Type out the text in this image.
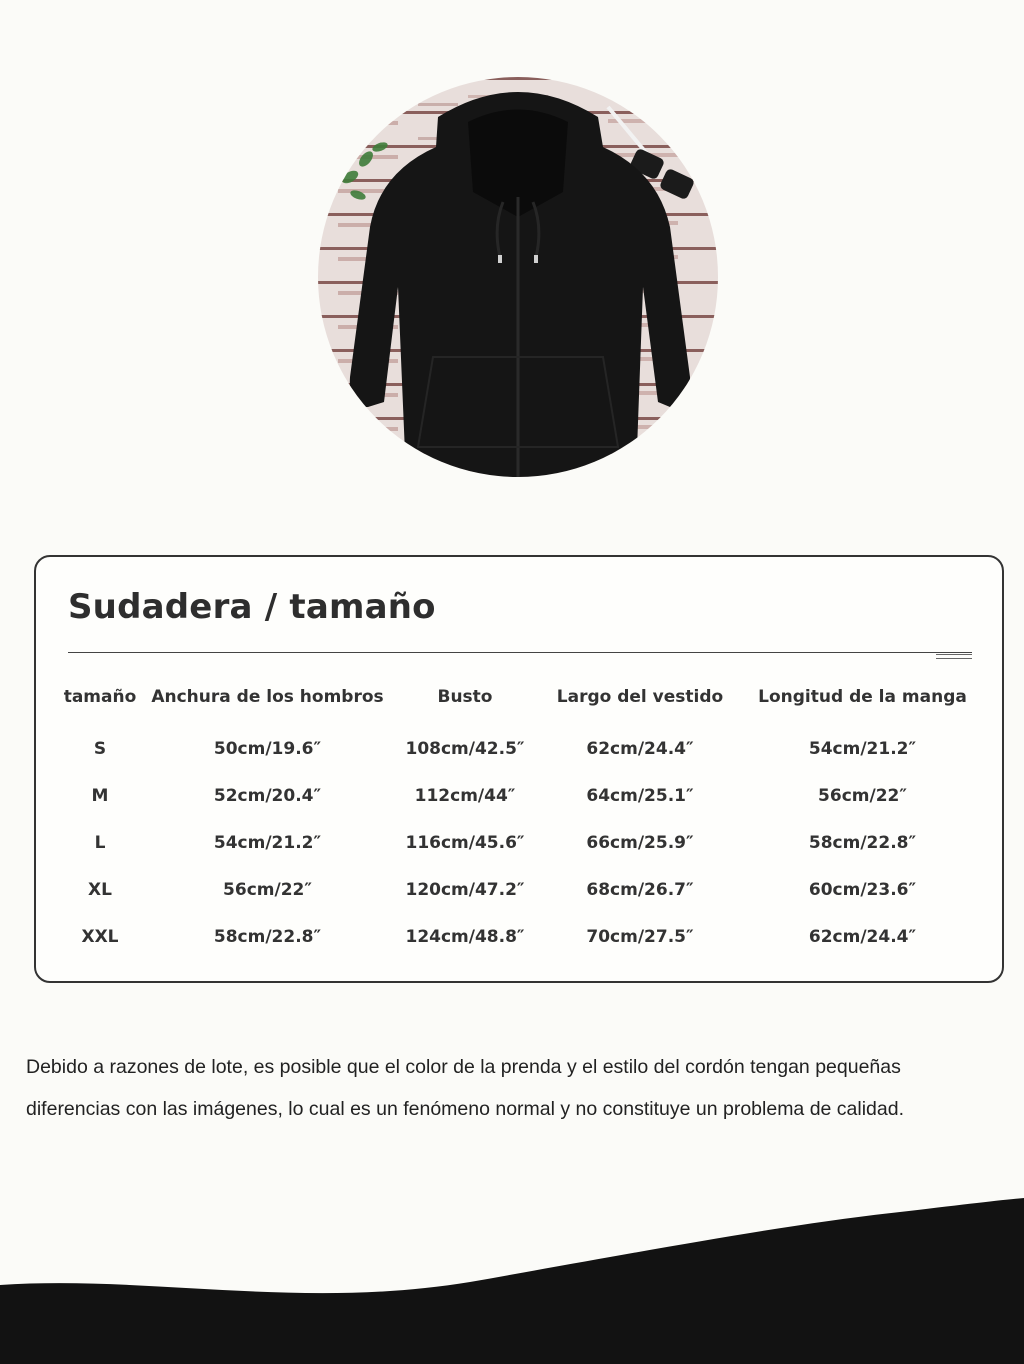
Sudadera / tamaño
tamaño	Anchura de los hombros	Busto	Largo del vestido	Longitud de la manga
S	50cm/19.6″	108cm/42.5″	62cm/24.4″	54cm/21.2″
M	52cm/20.4″	112cm/44″	64cm/25.1″	56cm/22″
L	54cm/21.2″	116cm/45.6″	66cm/25.9″	58cm/22.8″
XL	56cm/22″	120cm/47.2″	68cm/26.7″	60cm/23.6″
XXL	58cm/22.8″	124cm/48.8″	70cm/27.5″	62cm/24.4″

Debido a razones de lote, es posible que el color de la prenda y el estilo del cordón tengan pequeñas

diferencias con las imágenes, lo cual es un fenómeno normal y no constituye un problema de calidad.
